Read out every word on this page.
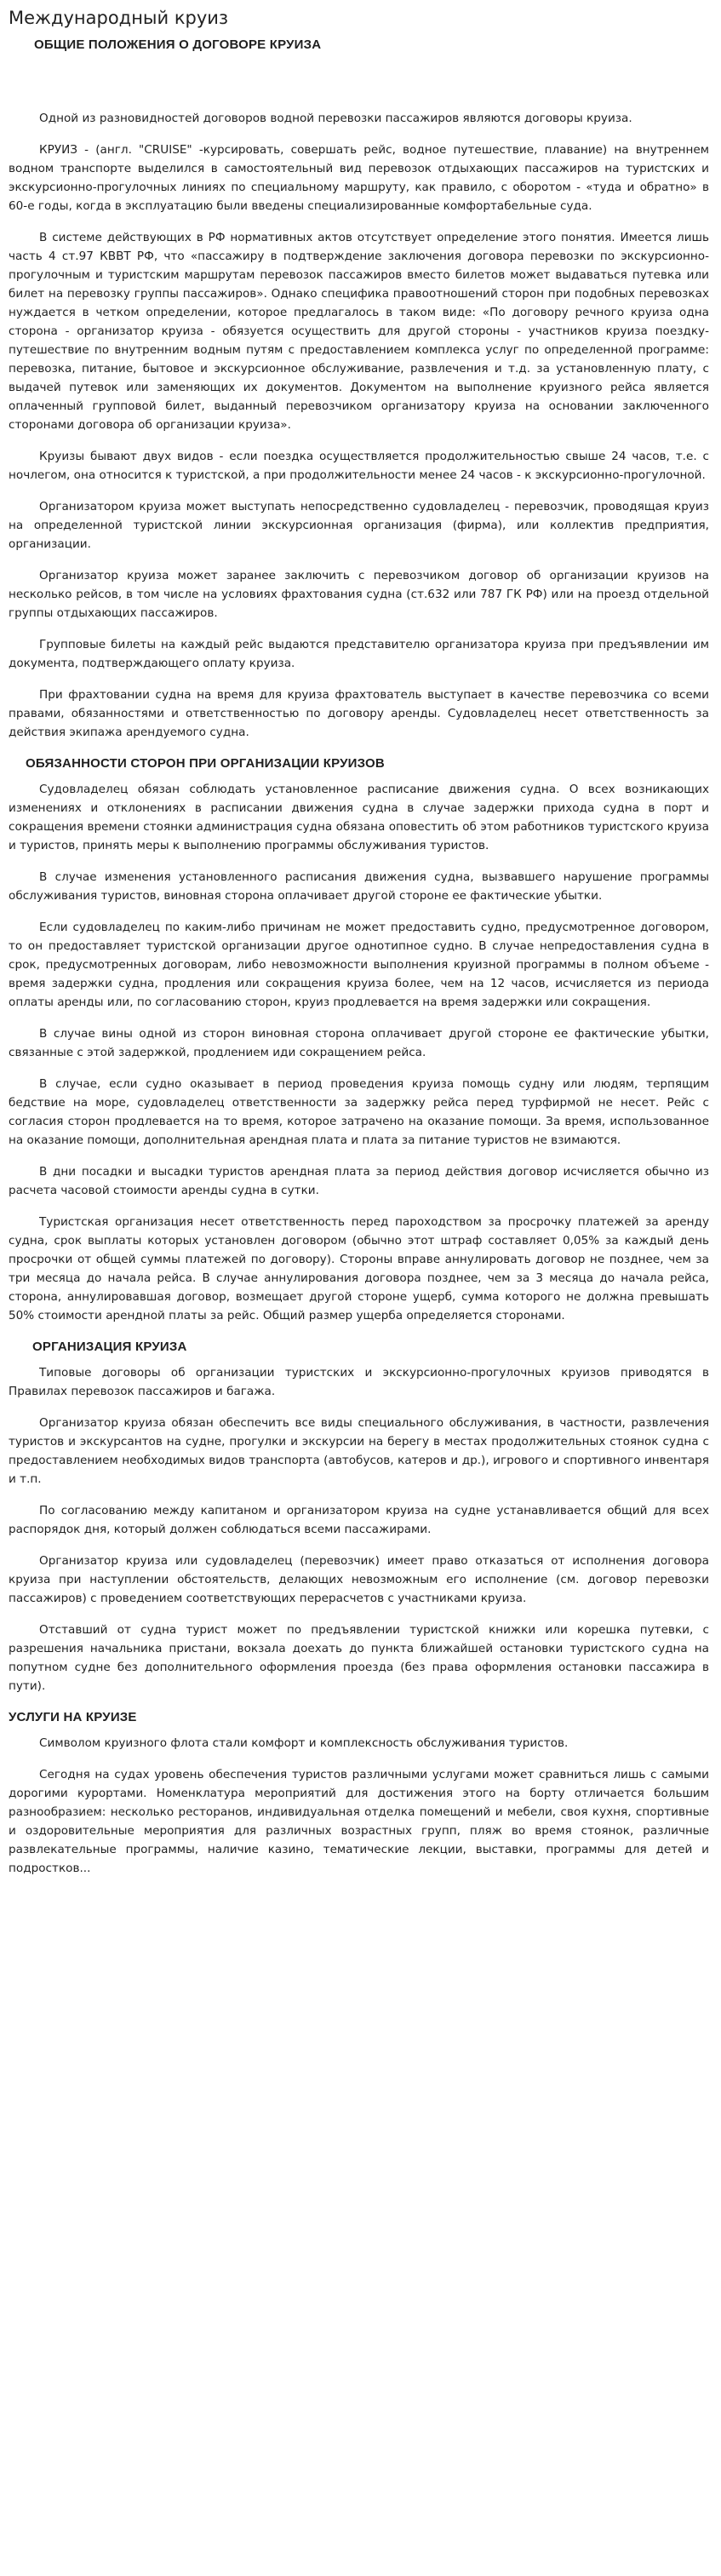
Международный круиз
ОБЩИЕ ПОЛОЖЕНИЯ О ДОГОВОРЕ КРУИЗА

Одной из разновидностей договоров водной перевозки пассажиров являются договоры круиза.

КРУИЗ - (англ. "CRUISE" -курсировать, совершать рейс, водное путешествие, плавание) на внутреннем водном транспорте выделился в самостоятельный вид перевозок отдыхающих пассажиров на туристских и экскурсионно-прогулочных линиях по специальному маршруту, как правило, с оборотом - «туда и обратно» в 60-е годы, когда в эксплуатацию были введены специализированные комфортабельные суда.

В системе действующих в РФ нормативных актов отсутствует определение этого понятия. Имеется лишь часть 4 ст.97 КВВТ РФ, что «пассажиру в подтверждение заключения договора перевозки по экскурсионно-прогулочным и туристским маршрутам перевозок пассажиров вместо билетов может выдаваться путевка или билет на перевозку группы пассажиров». Однако специфика правоотношений сторон при подобных перевозках нуждается в четком определении, которое предлагалось в таком виде: «По договору речного круиза одна сторона - организатор круиза - обязуется осуществить для другой стороны - участников круиза поездку-путешествие по внутренним водным путям с предоставлением комплекса услуг по определенной программе: перевозка, питание, бытовое и экскурсионное обслуживание, развлечения и т.д. за установленную плату, с выдачей путевок или заменяющих их документов. Документом на выполнение круизного рейса является оплаченный групповой билет, выданный перевозчиком организатору круиза на основании заключенного сторонами договора об организации круиза».

Круизы бывают двух видов - если поездка осуществляется продолжительностью свыше 24 часов, т.е. с ночлегом, она относится к туристской, а при продолжительности менее 24 часов - к экскурсионно-прогулочной.

Организатором круиза может выступать непосредственно судовладелец - перевозчик, проводящая круиз на определенной туристской линии экскурсионная организация (фирма), или коллектив предприятия, организации.

Организатор круиза может заранее заключить с перевозчиком договор об организации круизов на несколько рейсов, в том числе на условиях фрахтования судна (ст.632 или 787 ГК РФ) или на проезд отдельной группы отдыхающих пассажиров.

Групповые билеты на каждый рейс выдаются представителю организатора круиза при предъявлении им документа, подтверждающего оплату круиза.

При фрахтовании судна на время для круиза фрахтователь выступает в качестве перевозчика со всеми правами, обязанностями и ответственностью по договору аренды. Судовладелец несет ответственность за действия экипажа арендуемого судна.

ОБЯЗАННОСТИ СТОРОН ПРИ ОРГАНИЗАЦИИ КРУИЗОВ

Судовладелец обязан соблюдать установленное расписание движения судна. О всех возникающих изменениях и отклонениях в расписании движения судна в случае задержки прихода судна в порт и сокращения времени стоянки администрация судна обязана оповестить об этом работников туристского круиза и туристов, принять меры к выполнению программы обслуживания туристов.

В случае изменения установленного расписания движения судна, вызвавшего нарушение программы обслуживания туристов, виновная сторона оплачивает другой стороне ее фактические убытки.

Если судовладелец по каким-либо причинам не может предоставить судно, предусмотренное договором, то он предоставляет туристской организации другое однотипное судно. В случае непредоставления судна в срок, предусмотренных договорам, либо невозможности выполнения круизной программы в полном объеме - время задержки судна, продления или сокращения круиза более, чем на 12 часов, исчисляется из периода оплаты аренды или, по согласованию сторон, круиз продлевается на время задержки или сокращения.

В случае вины одной из сторон виновная сторона оплачивает другой стороне ее фактические убытки, связанные с этой задержкой, продлением иди сокращением рейса.

В случае, если судно оказывает в период проведения круиза помощь судну или людям, терпящим бедствие на море, судовладелец ответственности за задержку рейса перед турфирмой не несет. Рейс с согласия сторон продлевается на то время, которое затрачено на оказание помощи. За время, использованное на оказание помощи, дополнительная арендная плата и плата за питание туристов не взимаются.

В дни посадки и высадки туристов арендная плата за период действия договор исчисляется обычно из расчета часовой стоимости аренды судна в сутки.

Туристская организация несет ответственность перед пароходством за просрочку платежей за аренду судна, срок выплаты которых установлен договором (обычно этот штраф составляет 0,05% за каждый день просрочки от общей суммы платежей по договору). Стороны вправе аннулировать договор не позднее, чем за три месяца до начала рейса. В случае аннулирования договора позднее, чем за 3 месяца до начала рейса, сторона, аннулировавшая договор, возмещает другой стороне ущерб, сумма которого не должна превышать 50% стоимости арендной платы за рейс. Общий размер ущерба определяется сторонами.

ОРГАНИЗАЦИЯ КРУИЗА

Типовые договоры об организации туристских и экскурсионно-прогулочных круизов приводятся в Правилах перевозок пассажиров и багажа.

Организатор круиза обязан обеспечить все виды специального обслуживания, в частности, развлечения туристов и экскурсантов на судне, прогулки и экскурсии на берегу в местах продолжительных стоянок судна с предоставлением необходимых видов транспорта (автобусов, катеров и др.), игрового и спортивного инвентаря и т.п.

По согласованию между капитаном и организатором круиза на судне устанавливается общий для всех распорядок дня, который должен соблюдаться всеми пассажирами.

Организатор круиза или судовладелец (перевозчик) имеет право отказаться от исполнения договора круиза при наступлении обстоятельств, делающих невозможным его исполнение (см. договор перевозки пассажиров) с проведением соответствующих перерасчетов с участниками круиза.

Отставший от судна турист может по предъявлении туристской книжки или корешка путевки, с разрешения начальника пристани, вокзала доехать до пункта ближайшей остановки туристского судна на попутном судне без дополнительного оформления проезда (без права оформления остановки пассажира в пути).

УСЛУГИ НА КРУИЗЕ

Символом круизного флота стали комфорт и комплексность обслуживания туристов.

Сегодня на судах уровень обеспечения туристов различными услугами может сравниться лишь с самыми дорогими курортами. Номенклатура мероприятий для достижения этого на борту отличается большим разнообразием: несколько ресторанов, индивидуальная отделка помещений и мебели, своя кухня, спортивные и оздоровительные мероприятия для различных возрастных групп, пляж во время стоянок, различные развлекательные программы, наличие казино, тематические лекции, выставки, программы для детей и подростков...
